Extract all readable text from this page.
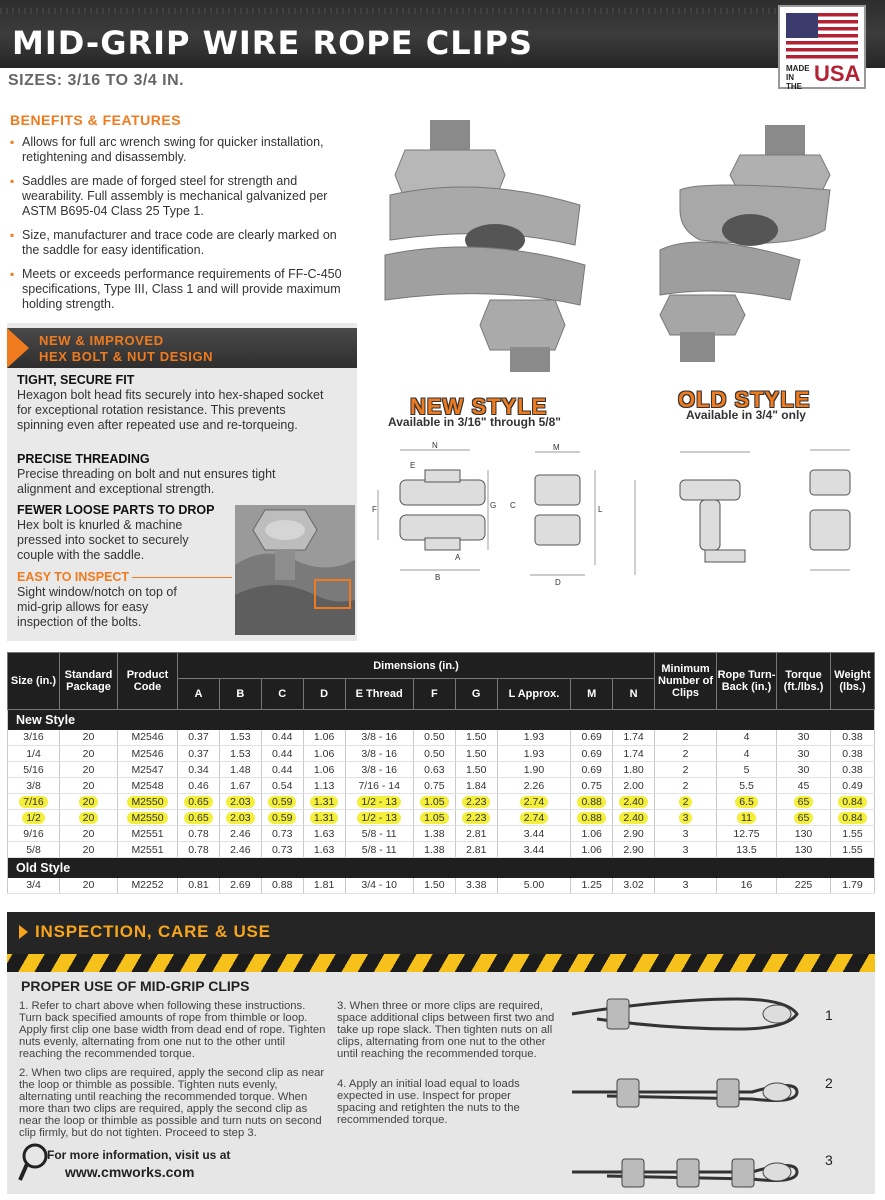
MID-GRIP WIRE ROPE CLIPS
MADE
IN THE
USA
SIZES: 3/16 TO 3/4 IN.
BENEFITS & FEATURES
▪ Allows for full arc wrench swing for quicker installation, retightening and disassembly.
▪ Saddles are made of forged steel for strength and wearability. Full assembly is mechanical galvanized per ASTM B695-04 Class 25 Type 1.
▪ Size, manufacturer and trace code are clearly marked on the saddle for easy identification.
▪ Meets or exceeds performance requirements of FF-C-450 specifications, Type III, Class 1 and will provide maximum holding strength.
NEW & IMPROVED
HEX BOLT & NUT DESIGN
TIGHT, SECURE FIT
Hexagon bolt head fits securely into hex-shaped socket for exceptional rotation resistance. This prevents spinning even after repeated use and re-torqueing.
PRECISE THREADING
Precise threading on bolt and nut ensures tight alignment and exceptional strength.
FEWER LOOSE PARTS TO DROP
Hex bolt is knurled & machine pressed into socket to securely couple with the saddle.
EASY TO INSPECT
Sight window/notch on top of mid-grip allows for easy inspection of the bolts.
NEW STYLE
Available in 3/16" through 5/8"
OLD STYLE
Available in 3/4" only
N
E
F	G
A
B
M
C	L
D
Size (in.)	Standard Package	Product Code	Dimensions (in.)										Minimum Number of Clips	Rope Turn-Back (in.)	Torque (ft./lbs.)	Weight (lbs.)
			A	B	C	D	E Thread	F	G	L Approx.	M	N				
New Style																
3/16	20	M2546	0.37	1.53	0.44	1.06	3/8 - 16	0.50	1.50	1.93	0.69	1.74	2	4	30	0.38
1/4	20	M2546	0.37	1.53	0.44	1.06	3/8 - 16	0.50	1.50	1.93	0.69	1.74	2	4	30	0.38
5/16	20	M2547	0.34	1.48	0.44	1.06	3/8 - 16	0.63	1.50	1.90	0.69	1.80	2	5	30	0.38
3/8	20	M2548	0.46	1.67	0.54	1.13	7/16 - 14	0.75	1.84	2.26	0.75	2.00	2	5.5	45	0.49
7/16	20	M2550	0.65	2.03	0.59	1.31	1/2 - 13	1.05	2.23	2.74	0.88	2.40	2	6.5	65	0.84
1/2	20	M2550	0.65	2.03	0.59	1.31	1/2 - 13	1.05	2.23	2.74	0.88	2.40	3	11	65	0.84
9/16	20	M2551	0.78	2.46	0.73	1.63	5/8 - 11	1.38	2.81	3.44	1.06	2.90	3	12.75	130	1.55
5/8	20	M2551	0.78	2.46	0.73	1.63	5/8 - 11	1.38	2.81	3.44	1.06	2.90	3	13.5	130	1.55
Old Style																
3/4	20	M2252	0.81	2.69	0.88	1.81	3/4 - 10	1.50	3.38	5.00	1.25	3.02	3	16	225	1.79
INSPECTION, CARE & USE
PROPER USE OF MID-GRIP CLIPS
1. Refer to chart above when following these instructions. Turn back specified amounts of rope from thimble or loop. Apply first clip one base width from dead end of rope. Tighten nuts evenly, alternating from one nut to the other until reaching the recommended torque.
2. When two clips are required, apply the second clip as near the loop or thimble as possible. Tighten nuts evenly, alternating until reaching the recommended torque. When more than two clips are required, apply the second clip as near the loop or thimble as possible and turn nuts on second clip firmly, but do not tighten. Proceed to step 3.
3. When three or more clips are required, space additional clips between first two and take up rope slack. Then tighten nuts on all clips, alternating from one nut to the other until reaching the recommended torque.
4. Apply an initial load equal to loads expected in use. Inspect for proper spacing and retighten the nuts to the recommended torque.
For more information, visit us at
www.cmworks.com
1
2
3
